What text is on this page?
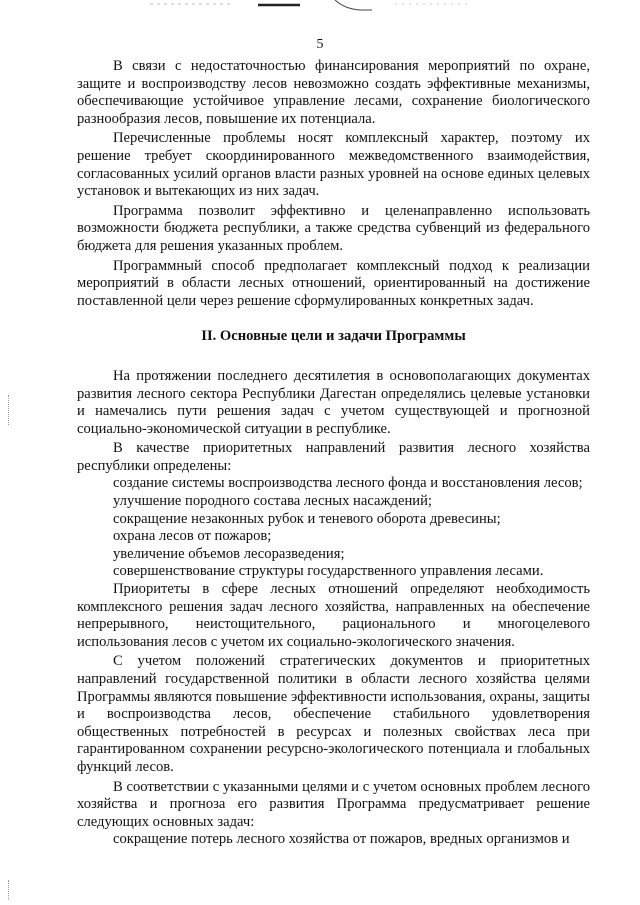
5

В связи с недостаточностью финансирования мероприятий по охране, защите и воспроизводству лесов невозможно создать эффективные механизмы, обеспечивающие устойчивое управление лесами, сохранение биологического разнообразия лесов, повышение их потенциала.

Перечисленные проблемы носят комплексный характер, поэтому их решение требует скоординированного межведомственного взаимодействия, согласованных усилий органов власти разных уровней на основе единых целевых установок и вытекающих из них задач.

Программа позволит эффективно и целенаправленно использовать возможности бюджета республики, а также средства субвенций из федерального бюджета для решения указанных проблем.

Программный способ предполагает комплексный подход к реализации мероприятий в области лесных отношений, ориентированный на достижение поставленной цели через решение сформулированных конкретных задач.

II. Основные цели и задачи Программы

На протяжении последнего десятилетия в основополагающих документах развития лесного сектора Республики Дагестан определялись целевые установки и намечались пути решения задач с учетом существующей и прогнозной социально-экономической ситуации в республике.

В качестве приоритетных направлений развития лесного хозяйства республики определены:

создание системы воспроизводства лесного фонда и восстановления лесов;

улучшение породного состава лесных насаждений;

сокращение незаконных рубок и теневого оборота древесины;

охрана лесов от пожаров;

увеличение объемов лесоразведения;

совершенствование структуры государственного управления лесами.

Приоритеты в сфере лесных отношений определяют необходимость комплексного решения задач лесного хозяйства, направленных на обеспечение непрерывного, неистощительного, рационального и многоцелевого использования лесов с учетом их социально-экологического значения.

С учетом положений стратегических документов и приоритетных направлений государственной политики в области лесного хозяйства целями Программы являются повышение эффективности использования, охраны, защиты и воспроизводства лесов, обеспечение стабильного удовлетворения общественных потребностей в ресурсах и полезных свойствах леса при гарантированном сохранении ресурсно-экологического потенциала и глобальных функций лесов.

В соответствии с указанными целями и с учетом основных проблем лесного хозяйства и прогноза его развития Программа предусматривает решение следующих основных задач:

сокращение потерь лесного хозяйства от пожаров, вредных организмов и
